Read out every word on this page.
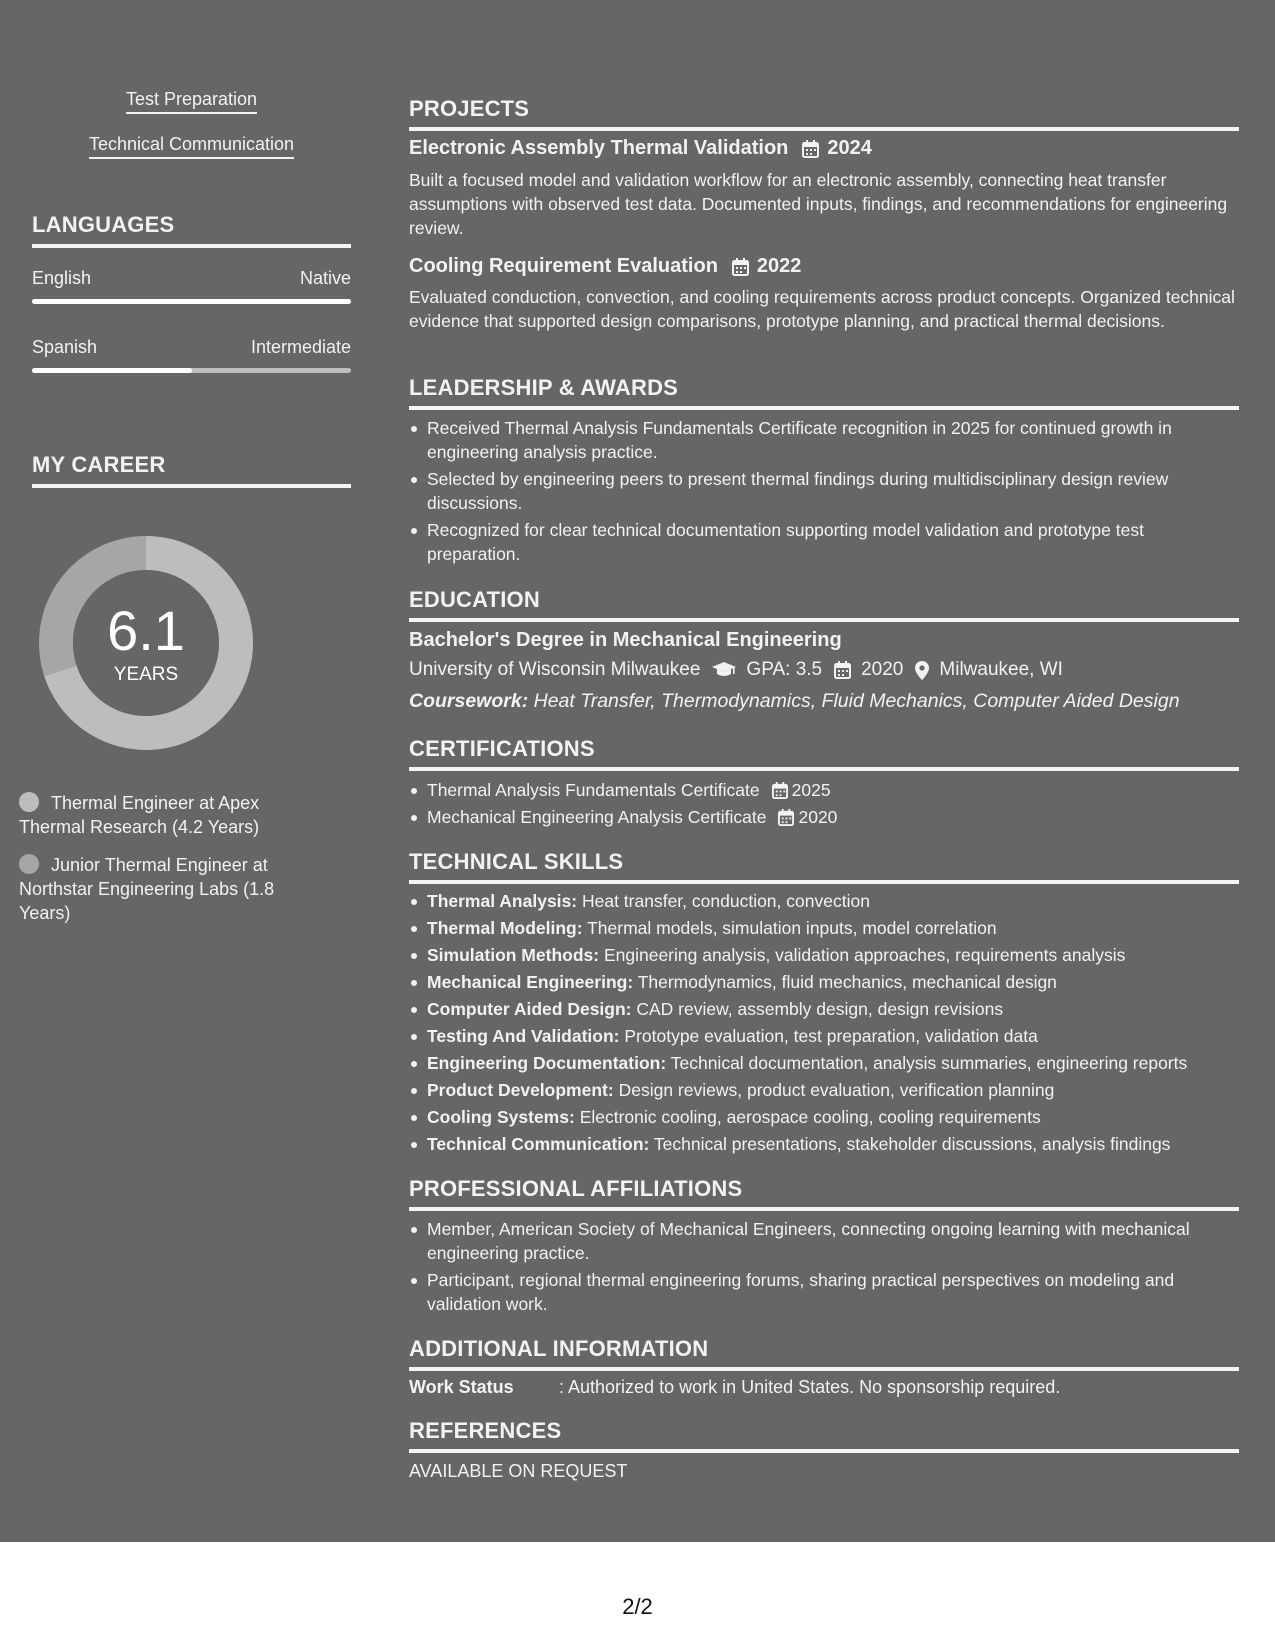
Test Preparation
Technical Communication
LANGUAGES
English	Native
Spanish	Intermediate
MY CAREER
6.1
YEARS
Thermal Engineer at Apex Thermal Research (4.2 Years)
Junior Thermal Engineer at Northstar Engineering Labs (1.8 Years)
PROJECTS
Electronic Assembly Thermal Validation 2024
Built a focused model and validation workflow for an electronic assembly, connecting heat transfer assumptions with observed test data. Documented inputs, findings, and recommendations for engineering review.
Cooling Requirement Evaluation 2022
Evaluated conduction, convection, and cooling requirements across product concepts. Organized technical evidence that supported design comparisons, prototype planning, and practical thermal decisions.
LEADERSHIP & AWARDS
Received Thermal Analysis Fundamentals Certificate recognition in 2025 for continued growth in engineering analysis practice.
Selected by engineering peers to present thermal findings during multidisciplinary design review discussions.
Recognized for clear technical documentation supporting model validation and prototype test preparation.
EDUCATION
Bachelor's Degree in Mechanical Engineering
University of Wisconsin Milwaukee GPA: 3.5 2020 Milwaukee, WI
Coursework: Heat Transfer, Thermodynamics, Fluid Mechanics, Computer Aided Design
CERTIFICATIONS
Thermal Analysis Fundamentals Certificate 2025
Mechanical Engineering Analysis Certificate 2020
TECHNICAL SKILLS
Thermal Analysis: Heat transfer, conduction, convection
Thermal Modeling: Thermal models, simulation inputs, model correlation
Simulation Methods: Engineering analysis, validation approaches, requirements analysis
Mechanical Engineering: Thermodynamics, fluid mechanics, mechanical design
Computer Aided Design: CAD review, assembly design, design revisions
Testing And Validation: Prototype evaluation, test preparation, validation data
Engineering Documentation: Technical documentation, analysis summaries, engineering reports
Product Development: Design reviews, product evaluation, verification planning
Cooling Systems: Electronic cooling, aerospace cooling, cooling requirements
Technical Communication: Technical presentations, stakeholder discussions, analysis findings
PROFESSIONAL AFFILIATIONS
Member, American Society of Mechanical Engineers, connecting ongoing learning with mechanical engineering practice.
Participant, regional thermal engineering forums, sharing practical perspectives on modeling and validation work.
ADDITIONAL INFORMATION
Work Status	: Authorized to work in United States. No sponsorship required.
REFERENCES
AVAILABLE ON REQUEST
2/2
